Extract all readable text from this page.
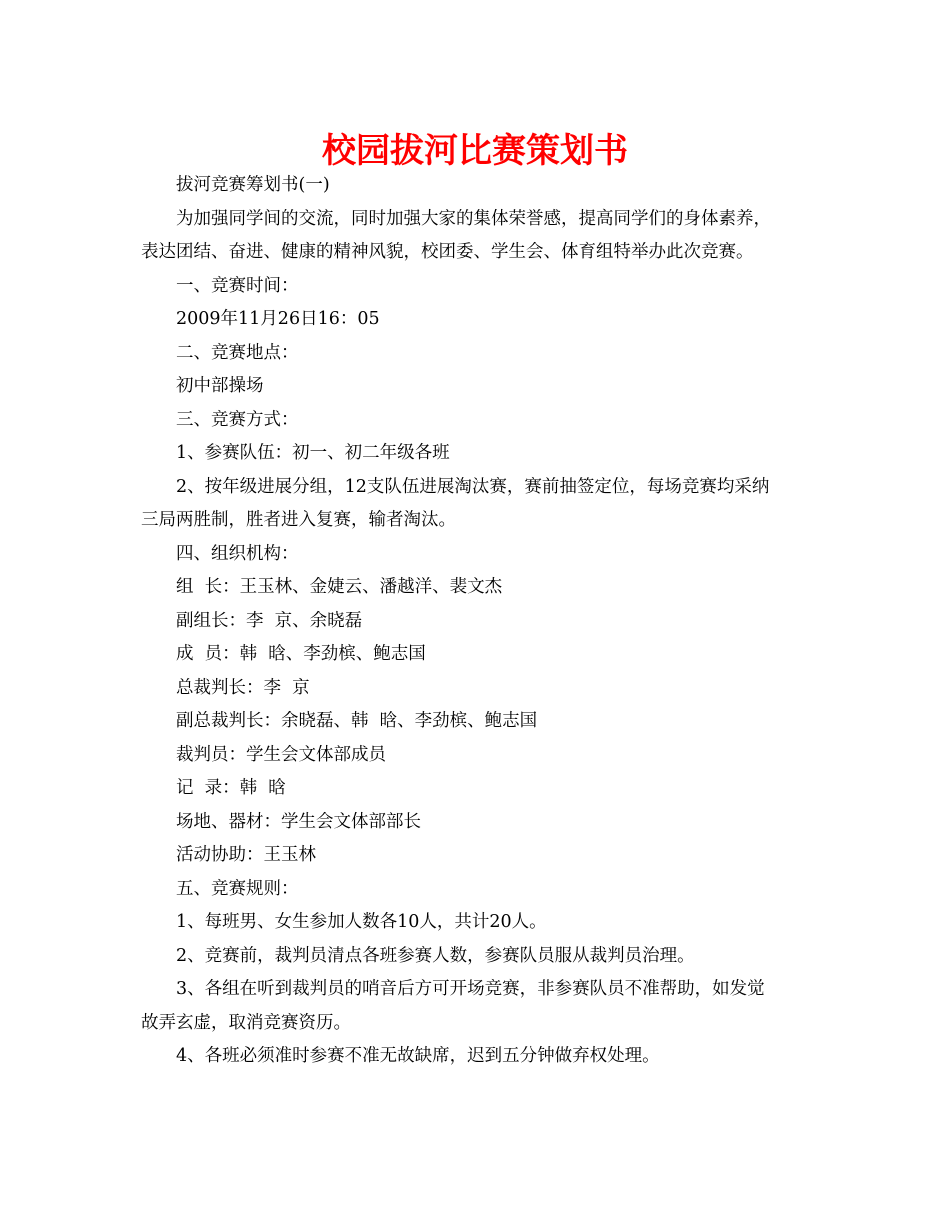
校园拔河比赛策划书

拔河竞赛筹划书(一)

为加强同学间的交流，同时加强大家的集体荣誉感，提高同学们的身体素养，
表达团结、奋进、健康的精神风貌，校团委、学生会、体育组特举办此次竞赛。

一、竞赛时间：

2009年11月26日16：05

二、竞赛地点：

初中部操场

三、竞赛方式：

1、参赛队伍：初一、初二年级各班

2、按年级进展分组，12支队伍进展淘汰赛，赛前抽签定位，每场竞赛均采纳
三局两胜制，胜者进入复赛，输者淘汰。

四、组织机构：

组  长：王玉林、金婕云、潘越洋、裴文杰

副组长：李  京、余晓磊

成  员：韩  晗、李劲槟、鲍志国

总裁判长：李  京

副总裁判长：余晓磊、韩  晗、李劲槟、鲍志国

裁判员：学生会文体部成员

记  录：韩  晗

场地、器材：学生会文体部部长

活动协助：王玉林

五、竞赛规则：

1、每班男、女生参加人数各10人，共计20人。

2、竞赛前，裁判员清点各班参赛人数，参赛队员服从裁判员治理。

3、各组在听到裁判员的哨音后方可开场竞赛，非参赛队员不准帮助，如发觉
故弄玄虚，取消竞赛资历。

4、各班必须准时参赛不准无故缺席，迟到五分钟做弃权处理。
